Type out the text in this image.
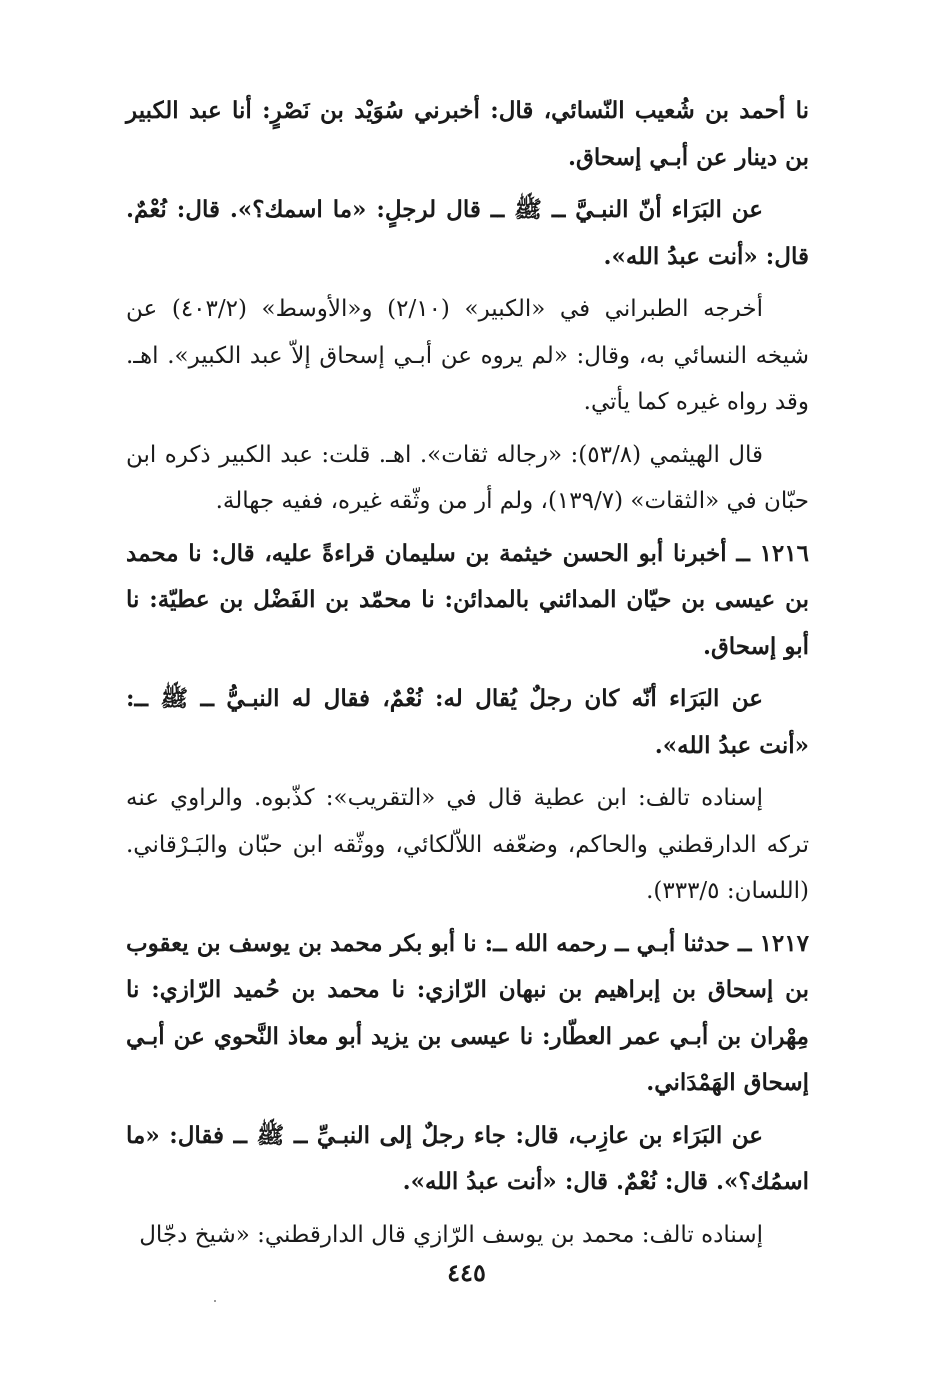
نا أحمد بن شُعيب النّسائي، قال: أخبرني سُوَيْد بن نَصْرٍ: أنا عبد الكبير بن دينار عن أبـي إسحاق.

عن البَرَاء أنّ النبـيَّ ــ ﷺ ــ قال لرجلٍ: «ما اسمك؟». قال: نُعْمٌ. قال: «أنت عبدُ الله».

أخرجه الطبراني في «الكبير» (٢/١٠) و«الأوسط» (٤٠٣/٢) عن شيخه النسائي به، وقال: «لم يروه عن أبـي إسحاق إلاّ عبد الكبير». اهـ. وقد رواه غيره كما يأتي.

قال الهيثمي (٥٣/٨): «رجاله ثقات». اهـ. قلت: عبد الكبير ذكره ابن حبّان في «الثقات» (١٣٩/٧)، ولم أر من وثّقه غيره، ففيه جهالة.

١٢١٦ ــ أخبرنا أبو الحسن خيثمة بن سليمان قراءةً عليه، قال: نا محمد بن عيسى بن حيّان المدائني بالمدائن: نا محمّد بن الفَضْل بن عطيّة: نا أبو إسحاق.

عن البَرَاء أنّه كان رجلٌ يُقال له: نُعْمٌ، فقال له النبـيُّ ــ ﷺ ــ: «أنت عبدُ الله».

إسناده تالف: ابن عطية قال في «التقريب»: كذّبوه. والراوي عنه تركه الدارقطني والحاكم، وضعّفه اللاّلكائي، ووثّقه ابن حبّان والبَـرْقاني. (اللسان: ٣٣٣/٥).

١٢١٧ ــ حدثنا أبـي ــ رحمه الله ــ: نا أبو بكر محمد بن يوسف بن يعقوب بن إسحاق بن إبراهيم بن نبهان الرّازي: نا محمد بن حُميد الرّازي: نا مِهْران بن أبـي عمر العطّار: نا عيسى بن يزيد أبو معاذ النَّحوي عن أبـي إسحاق الهَمْدَاني.

عن البَرَاء بن عازِب، قال: جاء رجلٌ إلى النبـيِّ ــ ﷺ ــ فقال: «ما اسمُك؟». قال: نُعْمٌ. قال: «أنت عبدُ الله».

إسناده تالف: محمد بن يوسف الرّازي قال الدارقطني: «شيخ دجّال

٤٤٥
